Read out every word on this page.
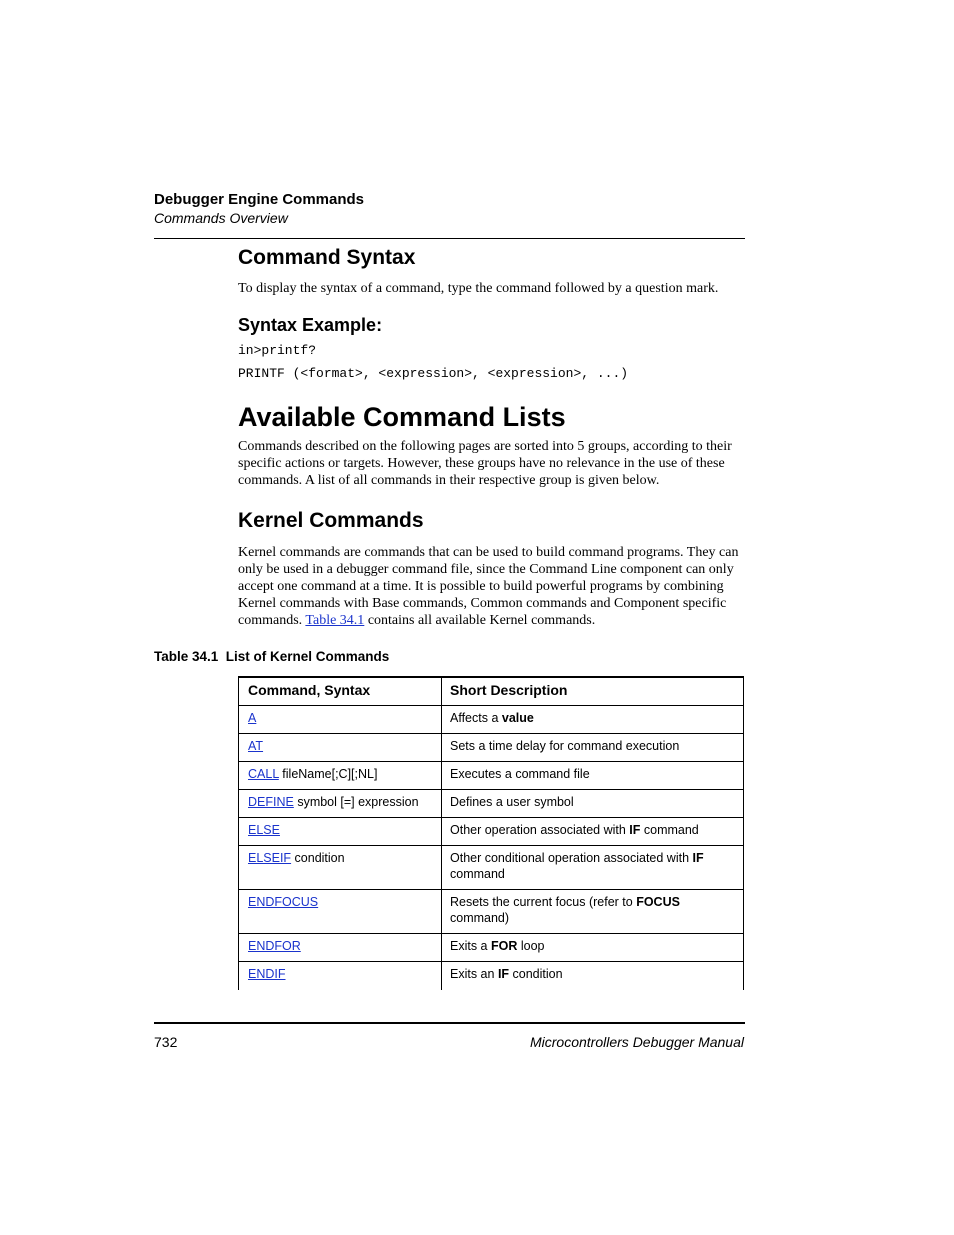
Debugger Engine Commands
Commands Overview
Command Syntax
To display the syntax of a command, type the command followed by a question mark.
Syntax Example:
in>printf?
PRINTF (<format>, <expression>, <expression>, ...)
Available Command Lists
Commands described on the following pages are sorted into 5 groups, according to their specific actions or targets. However, these groups have no relevance in the use of these commands. A list of all commands in their respective group is given below.
Kernel Commands
Kernel commands are commands that can be used to build command programs. They can only be used in a debugger command file, since the Command Line component can only accept one command at a time. It is possible to build powerful programs by combining Kernel commands with Base commands, Common commands and Component specific commands. Table 34.1 contains all available Kernel commands.
Table 34.1  List of Kernel Commands
Command, Syntax	Short Description
A	Affects a value
AT	Sets a time delay for command execution
CALL fileName[;C][;NL]	Executes a command file
DEFINE symbol [=] expression	Defines a user symbol
ELSE	Other operation associated with IF command
ELSEIF condition	Other conditional operation associated with IF command
ENDFOCUS	Resets the current focus (refer to FOCUS command)
ENDFOR	Exits a FOR loop
ENDIF	Exits an IF condition
732	Microcontrollers Debugger Manual
